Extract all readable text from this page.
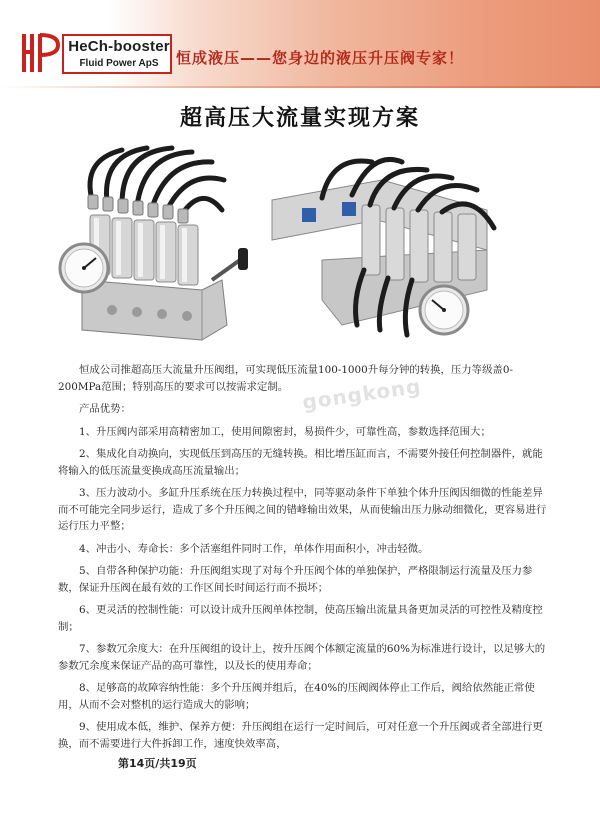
HeCh-booster
Fluid Power ApS	恒成液压——您身边的液压升压阀专家！
超高压大流量实现方案
gongkong

恒成公司推超高压大流量升压阀组，可实现低压流量100-1000升每分钟的转换，压力等级盖0-200MPa范围；特别高压的要求可以按需求定制。

产品优势：

1、升压阀内部采用高精密加工，使用间隙密封，易损件少，可靠性高，参数选择范围大；

2、集成化自动换向，实现低压到高压的无缝转换。相比增压缸而言，不需要外接任何控制器件，就能将输入的低压流量变换成高压流量输出；

3、压力波动小。多缸升压系统在压力转换过程中，同等驱动条件下单独个体升压阀因细微的性能差异而不可能完全同步运行，造成了多个升压阀之间的错峰输出效果，从而使输出压力脉动细微化，更容易进行运行压力平整；

4、冲击小、寿命长：多个活塞组件同时工作，单体作用面积小，冲击轻微。

5、自带各种保护功能：升压阀组实现了对每个升压阀个体的单独保护，严格限制运行流量及压力参数，保证升压阀在最有效的工作区间长时间运行而不损坏；

6、更灵活的控制性能：可以设计成升压阀单体控制，使高压输出流量具备更加灵活的可控性及精度控制；

7、参数冗余度大：在升压阀组的设计上，按升压阀个体额定流量的60%为标准进行设计，以足够大的参数冗余度来保证产品的高可靠性，以及长的使用寿命；

8、足够高的故障容纳性能：多个升压阀并组后，在40%的压阀阀体停止工作后，阀给依然能正常使用，从而不会对整机的运行造成大的影响；

9、使用成本低，维护、保养方便：升压阀组在运行一定时间后，可对任意一个升压阀或者全部进行更换，而不需要进行大件拆卸工作，速度快效率高，

第14页/共19页
